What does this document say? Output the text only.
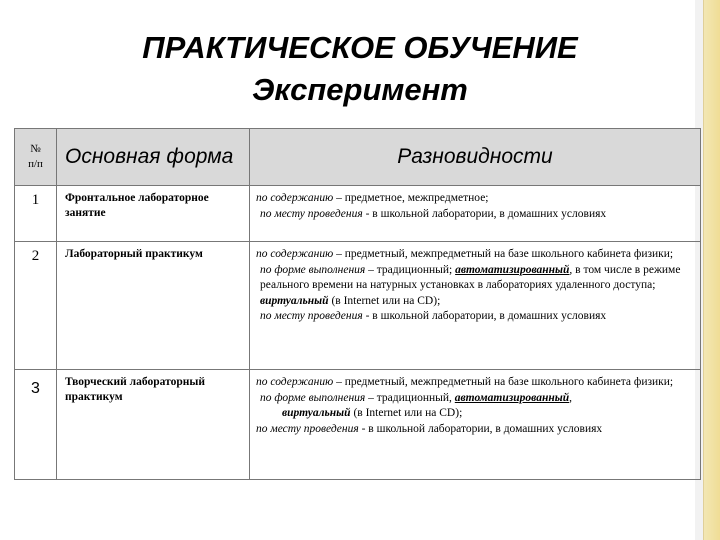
ПРАКТИЧЕСКОЕ ОБУЧЕНИЕ
Эксперимент
№
п/п	Основная форма	Разновидности
1	Фронтальное лабораторное занятие	по содержанию – предметное, межпредметное;

по месту проведения - в школьной лаборатории, в домашних условиях

2	Лабораторный практикум	по содержанию – предметный, межпредметный на базе школьного кабинета физики;

по форме выполнения – традиционный; автоматизированный, в том числе в режиме реального времени на натурных установках в лабораториях удаленного доступа; виртуальный (в Internet или на CD);

по месту проведения - в школьной лаборатории, в домашних условиях

3	Творческий лабораторный практикум	по содержанию – предметный, межпредметный на базе школьного кабинета физики;

по форме выполнения – традиционный, автоматизированный,

виртуальный (в Internet или на CD);

по месту проведения - в школьной лаборатории, в домашних условиях
